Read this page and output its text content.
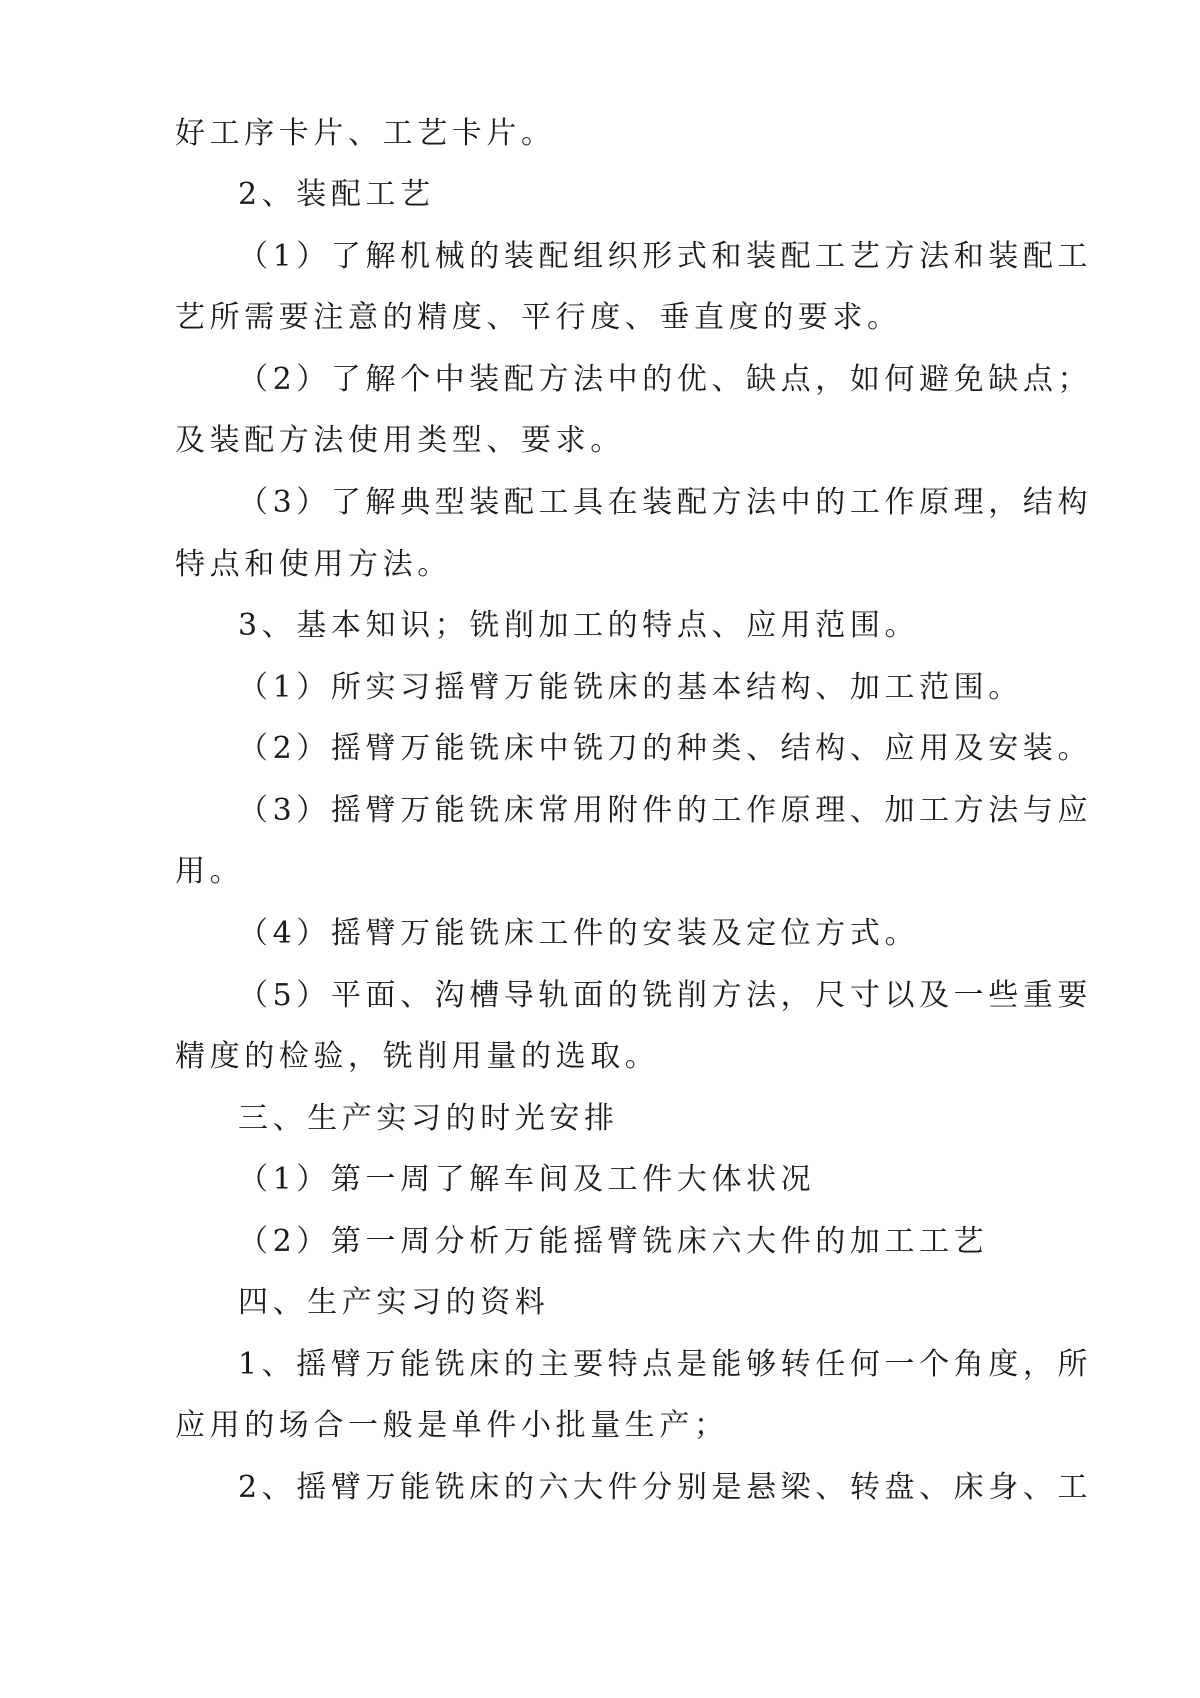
好工序卡片、工艺卡片。

2、装配工艺

（1）了解机械的装配组织形式和装配工艺方法和装配工

艺所需要注意的精度、平行度、垂直度的要求。

（2）了解个中装配方法中的优、缺点，如何避免缺点；

及装配方法使用类型、要求。

（3）了解典型装配工具在装配方法中的工作原理，结构

特点和使用方法。

3、基本知识；铣削加工的特点、应用范围。

（1）所实习摇臂万能铣床的基本结构、加工范围。

（2）摇臂万能铣床中铣刀的种类、结构、应用及安装。

（3）摇臂万能铣床常用附件的工作原理、加工方法与应

用。

（4）摇臂万能铣床工件的安装及定位方式。

（5）平面、沟槽导轨面的铣削方法，尺寸以及一些重要

精度的检验，铣削用量的选取。

三、生产实习的时光安排

（1）第一周了解车间及工件大体状况

（2）第一周分析万能摇臂铣床六大件的加工工艺

四、生产实习的资料

1、摇臂万能铣床的主要特点是能够转任何一个角度，所

应用的场合一般是单件小批量生产；

2、摇臂万能铣床的六大件分别是悬梁、转盘、床身、工
